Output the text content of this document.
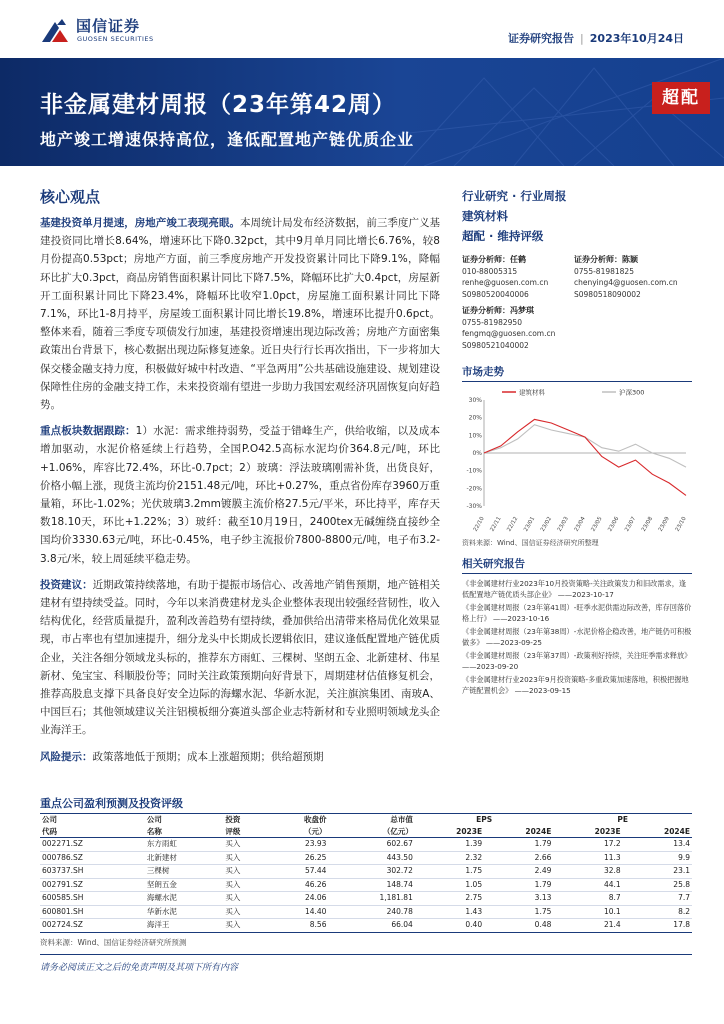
国信证券
GUOSEN SECURITIES	证券研究报告 | 2023年10月24日
非金属建材周报（23年第42周）
地产竣工增速保持高位，逢低配置地产链优质企业
超配
核心观点

基建投资单月提速，房地产竣工表现亮眼。本周统计局发布经济数据，前三季度广义基建投资同比增长8.64%，增速环比下降0.32pct，其中9月单月同比增长6.76%，较8月份提高0.53pct；房地产方面，前三季度房地产开发投资累计同比下降9.1%，降幅环比扩大0.3pct，商品房销售面积累计同比下降7.5%，降幅环比扩大0.4pct，房屋新开工面积累计同比下降23.4%，降幅环比收窄1.0pct，房屋施工面积累计同比下降7.1%，环比1-8月持平，房屋竣工面积累计同比增长19.8%，增速环比提升0.6pct。整体来看，随着三季度专项债发行加速，基建投资增速出现边际改善；房地产方面密集政策出台背景下，核心数据出现边际修复迹象。近日央行行长再次指出，下一步将加大保交楼金融支持力度，积极做好城中村改造、“平急两用”公共基础设施建设、规划建设保障性住房的金融支持工作，未来投资端有望进一步助力我国宏观经济巩固恢复向好趋势。

重点板块数据跟踪：1）水泥：需求维持弱势，受益于错峰生产，供给收缩，以及成本增加驱动，水泥价格延续上行趋势，全国P.O42.5高标水泥均价364.8元/吨，环比+1.06%，库容比72.4%，环比-0.7pct；2）玻璃：浮法玻璃刚需补货，出货良好，价格小幅上涨，现货主流均价2151.48元/吨，环比+0.27%，重点省份库存3960万重量箱，环比-1.02%；光伏玻璃3.2mm镀膜主流价格27.5元/平米，环比持平，库存天数18.10天，环比+1.22%；3）玻纤：截至10月19日，2400tex无碱缠绕直接纱全国均价3330.63元/吨，环比-0.45%，电子纱主流报价7800-8800元/吨，电子布3.2-3.8元/米，较上周延续平稳走势。

投资建议：近期政策持续落地，有助于提振市场信心、改善地产销售预期，地产链相关建材有望持续受益。同时，今年以来消费建材龙头企业整体表现出较强经营韧性，收入结构优化，经营质量提升，盈利改善趋势有望持续，叠加供给出清带来格局优化效果显现，市占率也有望加速提升，细分龙头中长期成长逻辑依旧，建议逢低配置地产链优质企业，关注各细分领域龙头标的，推荐东方雨虹、三棵树、坚朗五金、北新建材、伟星新材、兔宝宝、科顺股份等；同时关注政策预期向好背景下，周期建材估值修复机会，推荐高股息支撑下具备良好安全边际的海螺水泥、华新水泥，关注旗滨集团、南玻A、中国巨石；其他领域建议关注铝模板细分赛道头部企业志特新材和专业照明领域龙头企业海洋王。

风险提示：政策落地低于预期；成本上涨超预期；供给超预期

行业研究 · 行业周报
建筑材料
超配 · 维持评级
证券分析师：任鹤
010-88005315
renhe@guosen.com.cn
S0980520040006证券分析师：陈颖
0755-81981825
chenying4@guosen.com.cn
S0980518090002 证券分析师：冯梦琪
0755-81982950
fengmq@guosen.com.cn
S0980521040002
市场走势
30%
20%
10%
0%
-10%
-20%
-30%
22/10 22/11 22/12 23/01 23/02 23/03 23/04 23/05 23/06 23/07 23/08 23/09 23/10
建筑材料	沪深300
资料来源：Wind、国信证券经济研究所整理
相关研究报告
《非金属建材行业2023年10月投资策略-关注政策发力和旧改需求，逢低配置地产链优质头部企业》 ——2023-10-17
《非金属建材周报（23年第41周）-旺季水泥供需边际改善，库存回落价格上行》 ——2023-10-16
《非金属建材周报（23年第38周）-水泥价格企稳改善，地产链仍可积极做多》 ——2023-09-25
《非金属建材周报（23年第37周）-政策利好持续，关注旺季需求释放》 ——2023-09-20
《非金属建材行业2023年9月投资策略-多重政策加速落地，积极把握地产链配置机会》 ——2023-09-15
重点公司盈利预测及投资评级
公司	公司	投资	收盘价	总市值	EPS		PE	
代码	名称	评级	（元）	（亿元）	2023E	2024E	2023E	2024E
002271.SZ	东方雨虹	买入	23.93	602.67	1.39	1.79	17.2	13.4
000786.SZ	北新建材	买入	26.25	443.50	2.32	2.66	11.3	9.9
603737.SH	三棵树	买入	57.44	302.72	1.75	2.49	32.8	23.1
002791.SZ	坚朗五金	买入	46.26	148.74	1.05	1.79	44.1	25.8
600585.SH	海螺水泥	买入	24.06	1,181.81	2.75	3.13	8.7	7.7
600801.SH	华新水泥	买入	14.40	240.78	1.43	1.75	10.1	8.2
002724.SZ	海洋王	买入	8.56	66.04	0.40	0.48	21.4	17.8
资料来源：Wind、国信证券经济研究所预测
请务必阅读正文之后的免责声明及其项下所有内容
